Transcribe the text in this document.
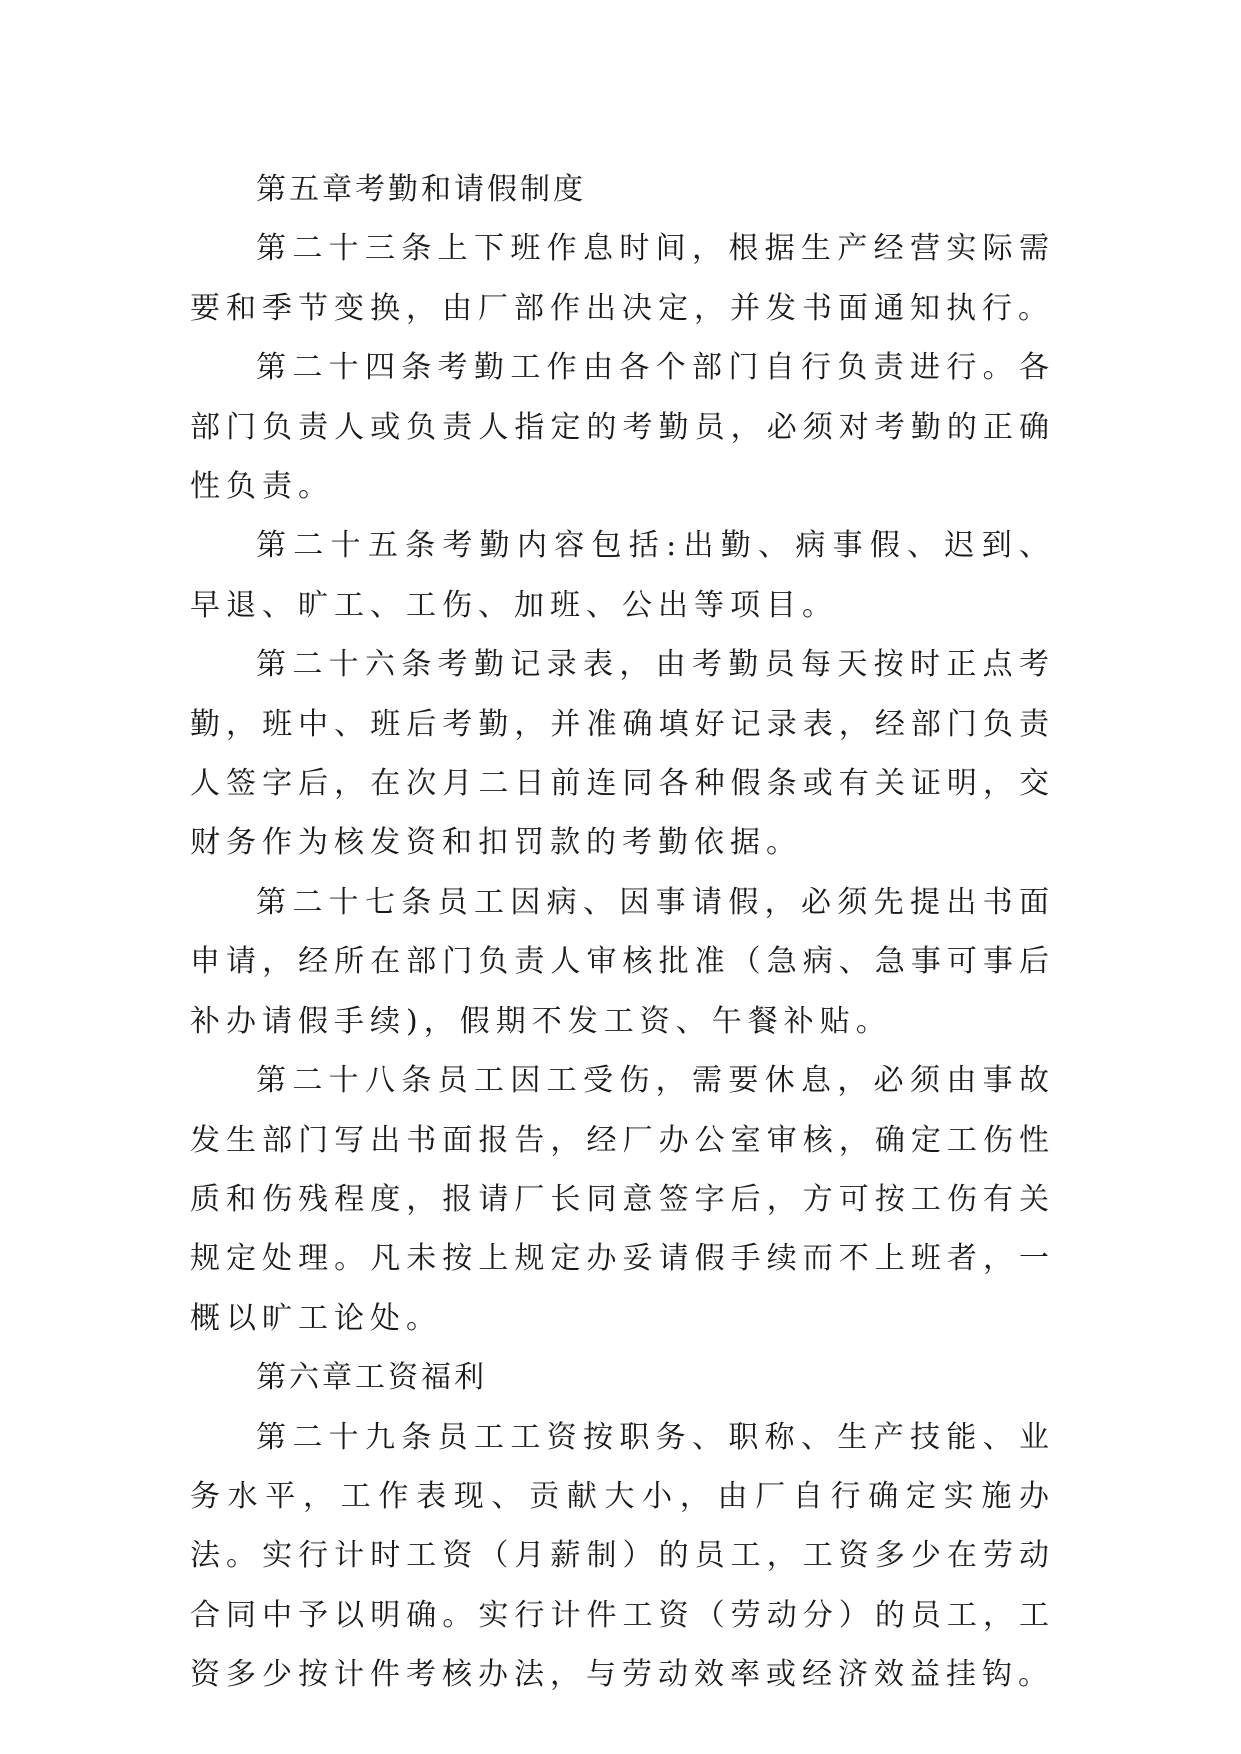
第五章考勤和请假制度

第二十三条上下班作息时间，根据生产经营实际需要和季节变换，由厂部作出决定，并发书面通知执行。

第二十四条考勤工作由各个部门自行负责进行。各部门负责人或负责人指定的考勤员，必须对考勤的正确性负责。

第二十五条考勤内容包括:出勤、病事假、迟到、早退、旷工、工伤、加班、公出等项目。

第二十六条考勤记录表，由考勤员每天按时正点考勤，班中、班后考勤，并准确填好记录表，经部门负责人签字后，在次月二日前连同各种假条或有关证明，交财务作为核发资和扣罚款的考勤依据。

第二十七条员工因病、因事请假，必须先提出书面申请，经所在部门负责人审核批准（急病、急事可事后补办请假手续)，假期不发工资、午餐补贴。

第二十八条员工因工受伤，需要休息，必须由事故发生部门写出书面报告，经厂办公室审核，确定工伤性质和伤残程度，报请厂长同意签字后，方可按工伤有关规定处理。凡未按上规定办妥请假手续而不上班者，一概以旷工论处。

第六章工资福利

第二十九条员工工资按职务、职称、生产技能、业务水平，工作表现、贡献大小，由厂自行确定实施办法。实行计时工资（月薪制）的员工，工资多少在劳动合同中予以明确。实行计件工资（劳动分）的员工，工资多少按计件考核办法，与劳动效率或经济效益挂钩。
